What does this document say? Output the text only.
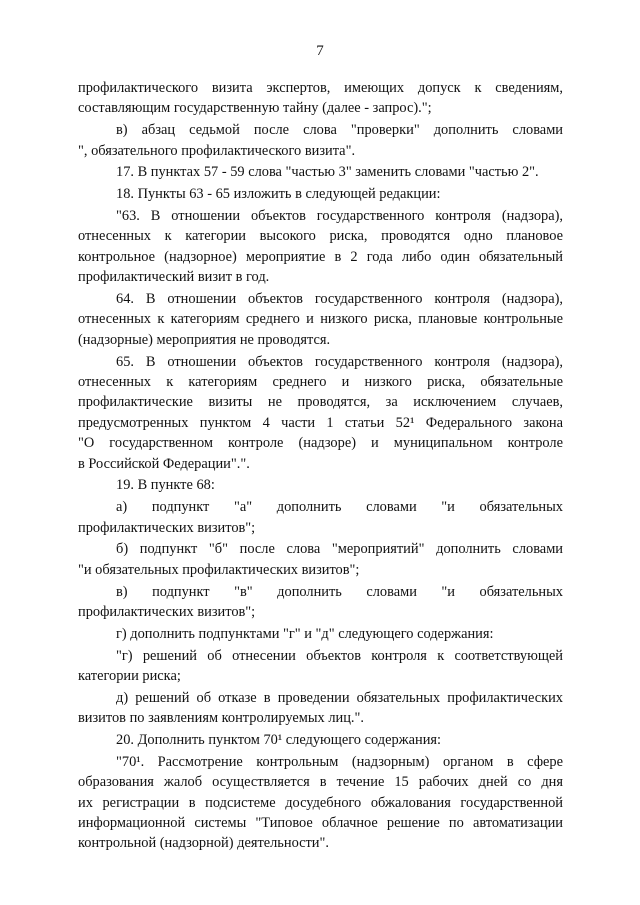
7
профилактического визита экспертов, имеющих допуск к сведениям,
составляющим государственную тайну (далее - запрос).";
в) абзац седьмой после слова "проверки" дополнить словами
", обязательного профилактического визита".
17. В пунктах 57 - 59 слова "частью 3" заменить словами "частью 2".
18. Пункты 63 - 65 изложить в следующей редакции:
"63. В отношении объектов государственного контроля (надзора),
отнесенных к категории высокого риска, проводятся одно плановое
контрольное (надзорное) мероприятие в 2 года либо один обязательный
профилактический визит в год.
64. В отношении объектов государственного контроля (надзора),
отнесенных к категориям среднего и низкого риска, плановые контрольные
(надзорные) мероприятия не проводятся.
65. В отношении объектов государственного контроля (надзора),
отнесенных к категориям среднего и низкого риска, обязательные
профилактические визиты не проводятся, за исключением случаев,
предусмотренных пунктом 4 части 1 статьи 52¹ Федерального закона
"О государственном контроле (надзоре) и муниципальном контроле
в Российской Федерации".".
19. В пункте 68:
а) подпункт "а" дополнить словами "и обязательных
профилактических визитов";
б) подпункт "б" после слова "мероприятий" дополнить словами
"и обязательных профилактических визитов";
в) подпункт "в" дополнить словами "и обязательных
профилактических визитов";
г) дополнить подпунктами "г" и "д" следующего содержания:
"г) решений об отнесении объектов контроля к соответствующей
категории риска;
д) решений об отказе в проведении обязательных профилактических
визитов по заявлениям контролируемых лиц.".
20. Дополнить пунктом 70¹ следующего содержания:
"70¹. Рассмотрение контрольным (надзорным) органом в сфере
образования жалоб осуществляется в течение 15 рабочих дней со дня
их регистрации в подсистеме досудебного обжалования государственной
информационной системы "Типовое облачное решение по автоматизации
контрольной (надзорной) деятельности".
